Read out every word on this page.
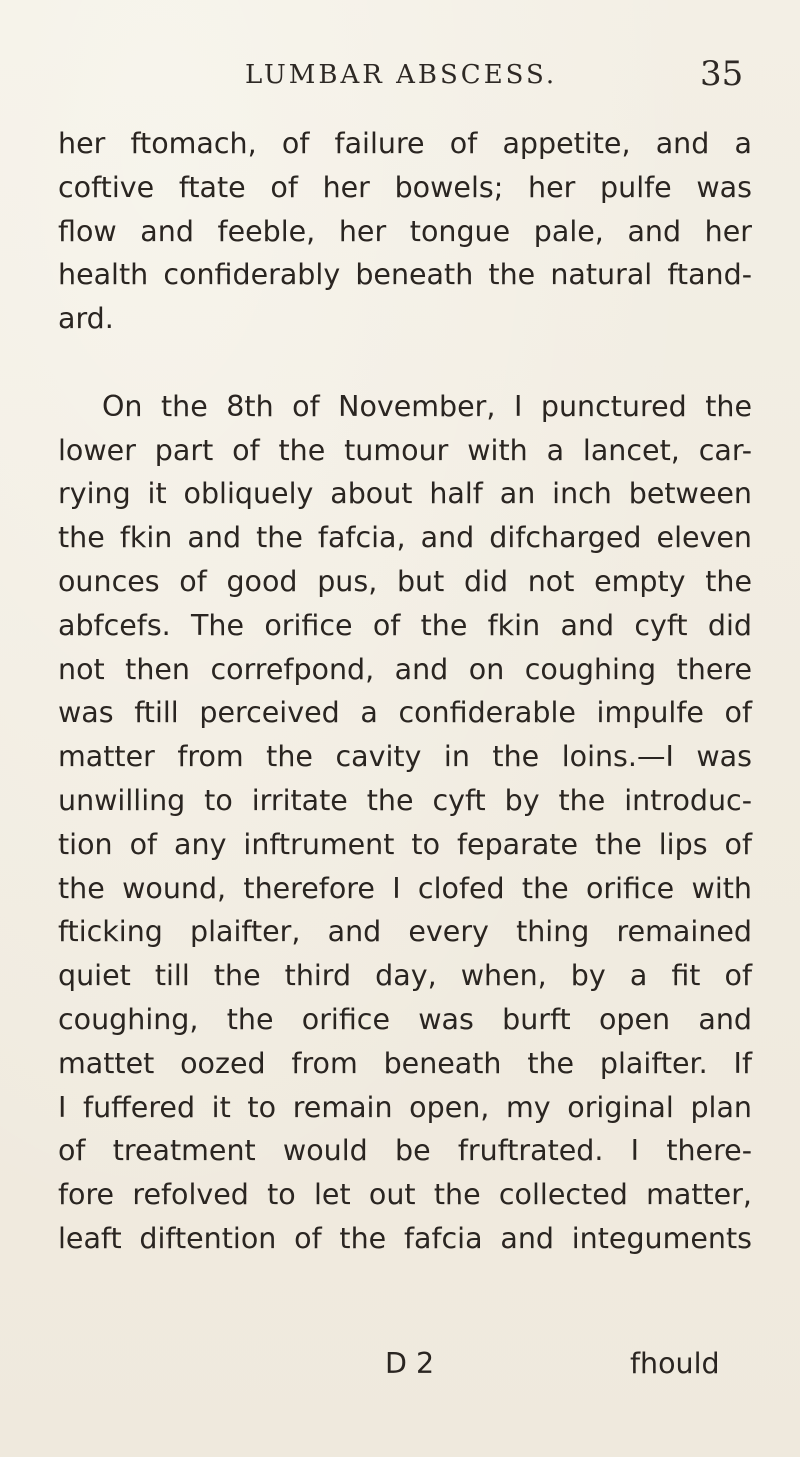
LUMBAR ABSCESS.	35
her ftomach, of failure of appetite, and a
coftive ftate of her bowels; her pulfe was
flow and feeble, her tongue pale, and her
health confiderably beneath the natural ftand-
ard.
On the 8th of November, I punctured the
lower part of the tumour with a lancet, car-
rying it obliquely about half an inch between
the fkin and the fafcia, and difcharged eleven
ounces of good pus, but did not empty the
abfcefs. The orifice of the fkin and cyft did
not then correfpond, and on coughing there
was ftill perceived a confiderable impulfe of
matter from the cavity in the loins.—I was
unwilling to irritate the cyft by the introduc-
tion of any inftrument to feparate the lips of
the wound, therefore I clofed the orifice with
fticking plaifter, and every thing remained
quiet till the third day, when, by a fit of
coughing, the orifice was burft open and
mattet oozed from beneath the plaifter. If
I fuffered it to remain open, my original plan
of treatment would be fruftrated. I there-
fore refolved to let out the collected matter,
leaft diftention of the fafcia and integuments
D 2	fhould
